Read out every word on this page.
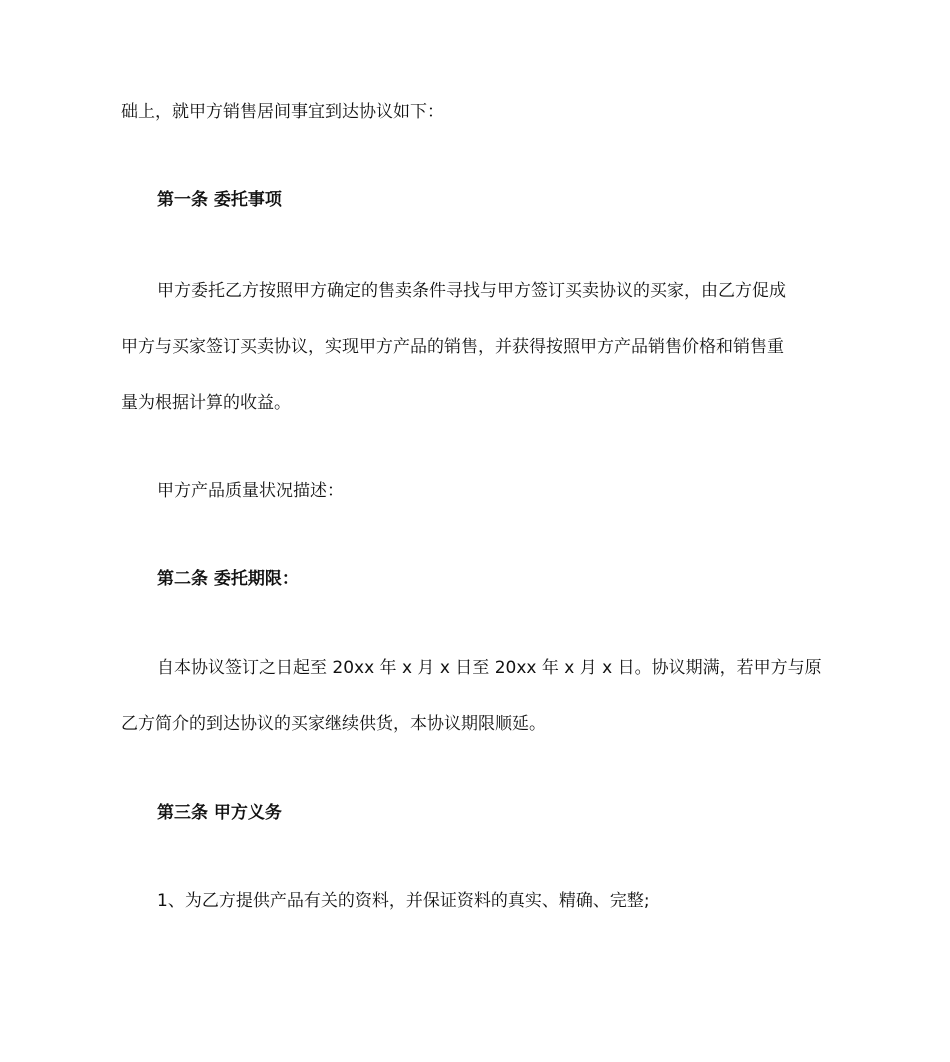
础上，就甲方销售居间事宜到达协议如下：
第一条 委托事项
甲方委托乙方按照甲方确定的售卖条件寻找与甲方签订买卖协议的买家，由乙方促成
甲方与买家签订买卖协议，实现甲方产品的销售，并获得按照甲方产品销售价格和销售重
量为根据计算的收益。
甲方产品质量状况描述：
第二条 委托期限：
自本协议签订之日起至 20xx 年 x 月 x 日至 20xx 年 x 月 x 日。协议期满，若甲方与原
乙方简介的到达协议的买家继续供货，本协议期限顺延。
第三条 甲方义务
1、为乙方提供产品有关的资料，并保证资料的真实、精确、完整;
